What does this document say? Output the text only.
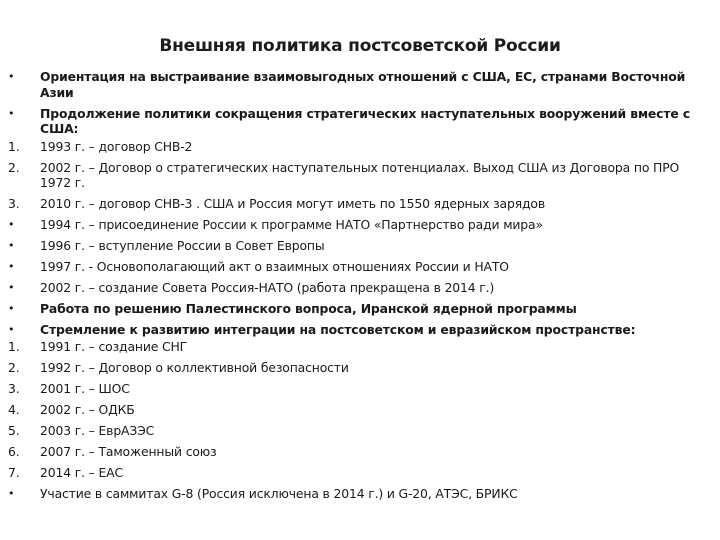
Внешняя политика постсоветской России
•	Ориентация на выстраивание взаимовыгодных отношений с США, ЕС, странами Восточной Азии
•	Продолжение политики сокращения стратегических наступательных вооружений вместе с США:
1.	1993 г. – договор СНВ-2
2.	2002 г. – Договор о стратегических наступательных потенциалах. Выход США из Договора по ПРО 1972 г.
3.	2010 г. – договор СНВ-3 . США и Россия могут иметь по 1550 ядерных зарядов
•	1994 г. – присоединение России к программе НАТО «Партнерство ради мира»
•	1996 г. – вступление России в Совет Европы
•	1997 г. - Основополагающий акт о взаимных отношениях России и НАТО
•	2002 г. – создание Совета Россия-НАТО (работа прекращена в 2014 г.)
•	Работа по решению Палестинского вопроса, Иранской ядерной программы
•	Стремление к развитию интеграции на постсоветском и евразийском пространстве:
1.	1991 г. – создание СНГ
2.	1992 г. – Договор о коллективной безопасности
3.	2001 г. – ШОС
4.	2002 г. – ОДКБ
5.	2003 г. – ЕврАЗЭС
6.	2007 г. – Таможенный союз
7.	2014 г. – ЕАС
•	Участие в саммитах G-8 (Россия исключена в 2014 г.) и G-20, АТЭС, БРИКС
